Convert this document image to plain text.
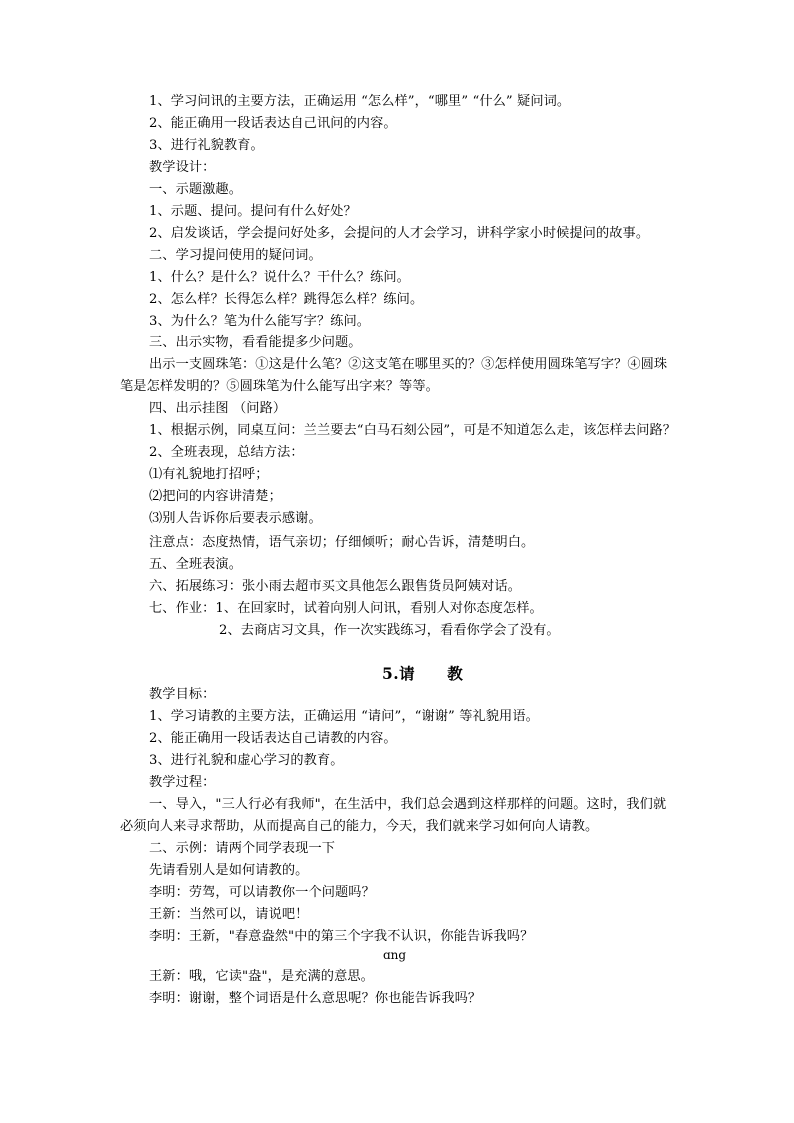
1、学习问讯的主要方法，正确运用 “怎么样”，“哪里” “什么” 疑问词。
2、能正确用一段话表达自己讯问的内容。
3、进行礼貌教育。
教学设计：
一、示题激趣。
1、示题、提问。提问有什么好处？
2、启发谈话，学会提问好处多，会提问的人才会学习，讲科学家小时候提问的故事。
二、学习提问使用的疑问词。
1、什么？是什么？说什么？干什么？练问。
2、怎么样？长得怎么样？跳得怎么样？练问。
3、为什么？笔为什么能写字？练问。
三、出示实物，看看能提多少问题。
出示一支圆珠笔：①这是什么笔？②这支笔在哪里买的？③怎样使用圆珠笔写字？④圆珠
笔是怎样发明的？⑤圆珠笔为什么能写出字来？等等。
四、出示挂图 （问路）
1、根据示例，同桌互问：兰兰要去“白马石刻公园”，可是不知道怎么走，该怎样去问路？
2、全班表现，总结方法：
⑴有礼貌地打招呼；
⑵把问的内容讲清楚；
⑶别人告诉你后要表示感谢。
注意点：态度热情，语气亲切；仔细倾听；耐心告诉，清楚明白。
五、全班表演。
六、拓展练习：张小雨去超市买文具他怎么跟售货员阿姨对话。
七、作业：1、在回家时，试着向别人问讯，看别人对你态度怎样。
2、去商店习文具，作一次实践练习，看看你学会了没有。
5.请 教
教学目标：
1、学习请教的主要方法，正确运用 “请问”，“谢谢” 等礼貌用语。
2、能正确用一段话表达自己请教的内容。
3、进行礼貌和虚心学习的教育。
教学过程：
一、导入，"三人行必有我师"，在生活中，我们总会遇到这样那样的问题。这时，我们就
必须向人来寻求帮助，从而提高自己的能力，今天，我们就来学习如何向人请教。
二、示例：请两个同学表现一下
先请看别人是如何请教的。
李明：劳驾，可以请教你一个问题吗？
王新：当然可以，请说吧！
李明：王新，"春意盎然"中的第三个字我不认识，你能告诉我吗？
ɑng
王新：哦，它读"盎"，是充满的意思。
李明：谢谢，整个词语是什么意思呢？你也能告诉我吗？
